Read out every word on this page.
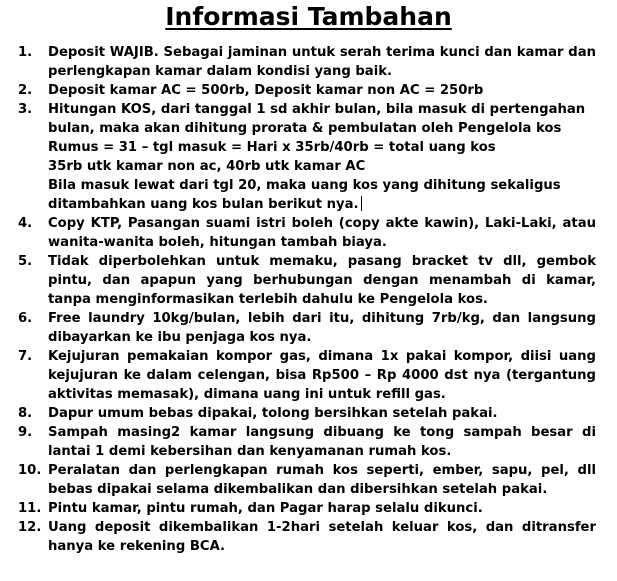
Informasi Tambahan
1.	Deposit WAJIB. Sebagai jaminan untuk serah terima kunci dan kamar dan perlengkapan kamar dalam kondisi yang baik.
2.	Deposit kamar AC = 500rb, Deposit kamar non AC = 250rb
3.	Hitungan KOS, dari tanggal 1 sd akhir bulan, bila masuk di pertengahan bulan, maka akan dihitung prorata & pembulatan oleh Pengelola kos
Rumus = 31 – tgl masuk = Hari x 35rb/40rb = total uang kos
35rb utk kamar non ac, 40rb utk kamar AC
Bila masuk lewat dari tgl 20, maka uang kos yang dihitung sekaligus ditambahkan uang kos bulan berikut nya.
4.	Copy KTP, Pasangan suami istri boleh (copy akte kawin), Laki-Laki, atau wanita-wanita boleh, hitungan tambah biaya.
5.	Tidak diperbolehkan untuk memaku, pasang bracket tv dll, gembok pintu, dan apapun yang berhubungan dengan menambah di kamar, tanpa menginformasikan terlebih dahulu ke Pengelola kos.
6.	Free laundry 10kg/bulan, lebih dari itu, dihitung 7rb/kg, dan langsung dibayarkan ke ibu penjaga kos nya.
7.	Kejujuran pemakaian kompor gas, dimana 1x pakai kompor, diisi uang kejujuran ke dalam celengan, bisa Rp500 – Rp 4000 dst nya (tergantung aktivitas memasak), dimana uang ini untuk refill gas.
8.	Dapur umum bebas dipakai, tolong bersihkan setelah pakai.
9.	Sampah masing2 kamar langsung dibuang ke tong sampah besar di lantai 1 demi kebersihan dan kenyamanan rumah kos.
10. Peralatan dan perlengkapan rumah kos seperti, ember, sapu, pel, dll bebas dipakai selama dikembalikan dan dibersihkan setelah pakai.
11. Pintu kamar, pintu rumah, dan Pagar harap selalu dikunci.
12. Uang deposit dikembalikan 1-2hari setelah keluar kos, dan ditransfer hanya ke rekening BCA.
